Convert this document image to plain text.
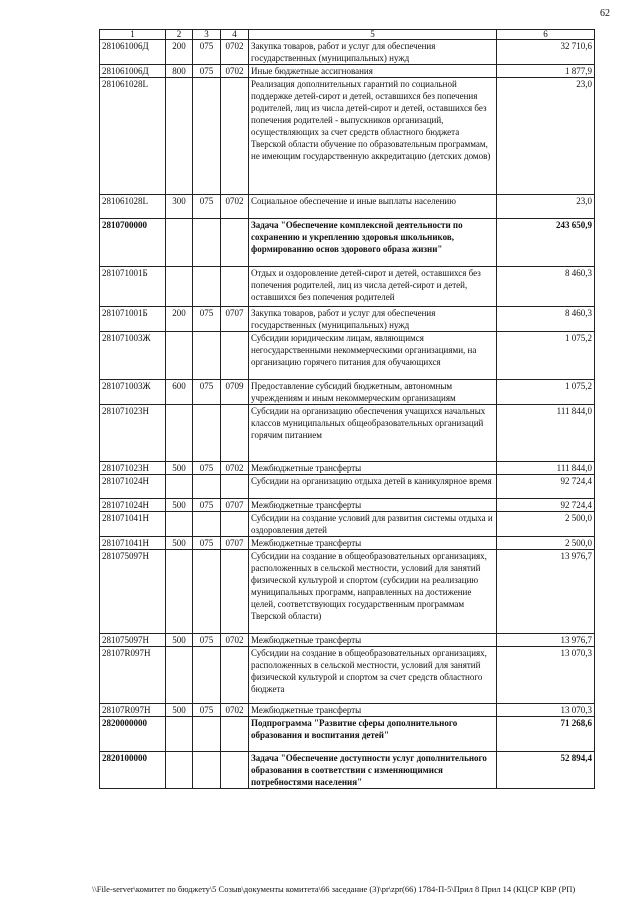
62
1	2	3	4	5	6
281061006Д	200	075	0702	Закупка товаров, работ и услуг для обеспечения государственных (муниципальных) нужд	32 710,6
281061006Д	800	075	0702	Иные бюджетные ассигнования	1 877,9
281061028L				Реализация дополнительных гарантий по социальной поддержке детей-сирот и детей, оставшихся без попечения родителей, лиц из числа детей-сирот и детей, оставшихся без попечения родителей - выпускников организаций, осуществляющих за счет средств областного бюджета Тверской области обучение по образовательным программам, не имеющим государственную аккредитацию (детских домов)	23,0
281061028L	300	075	0702	Социальное обеспечение и иные выплаты населению	23,0
2810700000				Задача "Обеспечение комплексной деятельности по сохранению и укреплению здоровья школьников, формированию основ здорового образа жизни"	243 650,9
281071001Б				Отдых и оздоровление детей-сирот и детей, оставшихся без попечения родителей, лиц из числа детей-сирот и детей, оставшихся без попечения родителей	8 460,3
281071001Б	200	075	0707	Закупка товаров, работ и услуг для обеспечения государственных (муниципальных) нужд	8 460,3
281071003Ж				Субсидии юридическим лицам, являющимся негосударственными некоммерческими организациями, на организацию горячего питания для обучающихся	1 075,2
281071003Ж	600	075	0709	Предоставление субсидий бюджетным, автономным учреждениям и иным некоммерческим организациям	1 075,2
281071023Н				Субсидии на организацию обеспечения учащихся начальных классов муниципальных общеобразовательных организаций горячим питанием	111 844,0
281071023Н	500	075	0702	Межбюджетные трансферты	111 844,0
281071024Н				Субсидии на организацию отдыха детей в каникулярное время	92 724,4
281071024Н	500	075	0707	Межбюджетные трансферты	92 724,4
281071041Н				Субсидии на создание условий для развития системы отдыха и оздоровления детей	2 500,0
281071041Н	500	075	0707	Межбюджетные трансферты	2 500,0
281075097Н				Субсидии на создание в общеобразовательных организациях, расположенных в сельской местности, условий для занятий физической культурой и спортом (субсидии на реализацию муниципальных программ, направленных на достижение целей, соответствующих государственным программам Тверской области)	13 976,7
281075097Н	500	075	0702	Межбюджетные трансферты	13 976,7
28107R097Н				Субсидии на создание в общеобразовательных организациях, расположенных в сельской местности, условий для занятий физической культурой и спортом за счет средств областного бюджета	13 070,3
28107R097Н	500	075	0702	Межбюджетные трансферты	13 070,3
2820000000				Подпрограмма "Развитие сферы дополнительного образования и воспитания детей"	71 268,6
2820100000				Задача "Обеспечение доступности услуг дополнительного образования в соответствии с изменяющимися потребностями населения"	52 894,4
\\File-server\комитет по бюджету\5 Созыв\документы комитета\66 заседание (3)\pr\zpr(66) 1784-П-5\Прил 8 Прил 14 (КЦСР КВР (РП)
